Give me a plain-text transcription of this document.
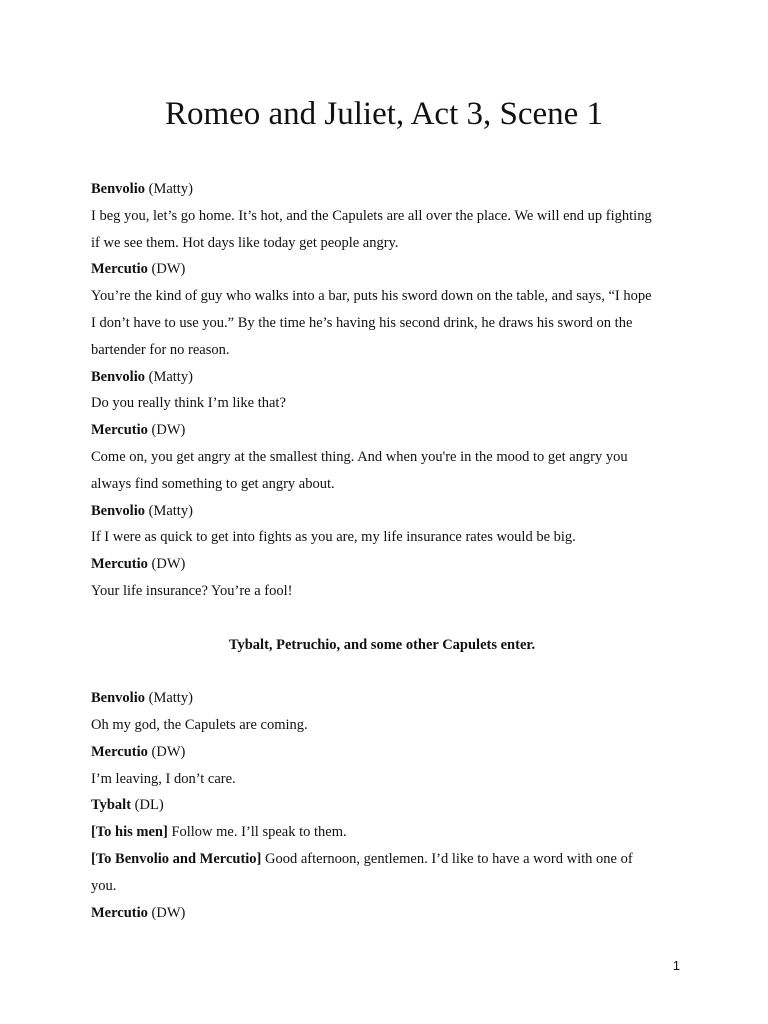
Romeo and Juliet, Act 3, Scene 1

Benvolio (Matty)

I beg you, let’s go home. It’s hot, and the Capulets are all over the place. We will end up fighting

if we see them. Hot days like today get people angry.

Mercutio (DW)

You’re the kind of guy who walks into a bar, puts his sword down on the table, and says, “I hope

I don’t have to use you.” By the time he’s having his second drink, he draws his sword on the

bartender for no reason.

Benvolio (Matty)

Do you really think I’m like that?

Mercutio (DW)

Come on, you get angry at the smallest thing. And when you're in the mood to get angry you

always find something to get angry about.

Benvolio (Matty)

If I were as quick to get into fights as you are, my life insurance rates would be big.

Mercutio (DW)

Your life insurance? You’re a fool!

Tybalt, Petruchio, and some other Capulets enter.

Benvolio (Matty)

Oh my god, the Capulets are coming.

Mercutio (DW)

I’m leaving, I don’t care.

Tybalt (DL)

[To his men] Follow me. I’ll speak to them.

[To Benvolio and Mercutio] Good afternoon, gentlemen. I’d like to have a word with one of

you.

Mercutio (DW)

1
